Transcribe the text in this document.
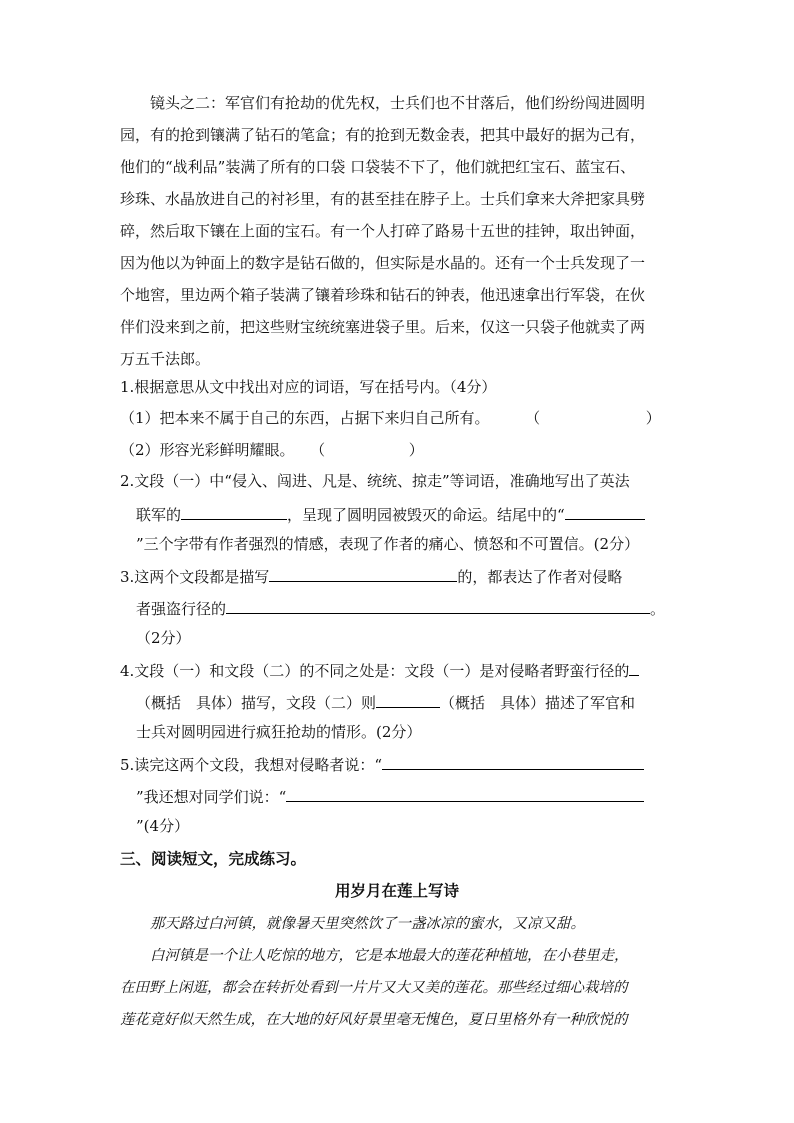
镜头之二：军官们有抢劫的优先权，士兵们也不甘落后，他们纷纷闯进圆明
园，有的抢到镶满了钻石的笔盒；有的抢到无数金表，把其中最好的据为己有，
他们的“战利品”装满了所有的口袋 口袋装不下了，他们就把红宝石、蓝宝石、
珍珠、水晶放进自己的衬衫里，有的甚至挂在脖子上。士兵们拿来大斧把家具劈
碎，然后取下镶在上面的宝石。有一个人打碎了路易十五世的挂钟，取出钟面，
因为他以为钟面上的数字是钻石做的，但实际是水晶的。还有一个士兵发现了一
个地窖，里边两个箱子装满了镶着珍珠和钻石的钟表，他迅速拿出行军袋，在伙
伴们没来到之前，把这些财宝统统塞进袋子里。后来，仅这一只袋子他就卖了两
万五千法郎。
1.根据意思从文中找出对应的词语，写在括号内。（4分）
（1）把本来不属于自己的东西，占据下来归自己所有。 （	）
（2）形容光彩鲜明耀眼。 （	）
2.文段（一）中“侵入、闯进、凡是、统统、掠走”等词语，准确地写出了英法
联军的	，呈现了圆明园被毁灭的命运。结尾中的“
”三个字带有作者强烈的情感，表现了作者的痛心、愤怒和不可置信。(2分）
3.这两个文段都是描写	的，都表达了作者对侵略
者强盗行径的	。
（2分）
4.文段（一）和文段（二）的不同之处是：文段（一）是对侵略者野蛮行径的
（概括　具体）描写，文段（二）则	（概括　具体）描述了军官和
士兵对圆明园进行疯狂抢劫的情形。(2分）
5.读完这两个文段，我想对侵略者说：“
”我还想对同学们说：“
”(4分）
三、阅读短文，完成练习。
用岁月在莲上写诗
那天路过白河镇，就像暑天里突然饮了一盏冰凉的蜜水，又凉又甜。
白河镇是一个让人吃惊的地方，它是本地最大的莲花种植地，在小巷里走，
在田野上闲逛，都会在转折处看到一片片又大又美的莲花。那些经过细心栽培的
莲花竟好似天然生成，在大地的好风好景里毫无愧色，夏日里格外有一种欣悦的
